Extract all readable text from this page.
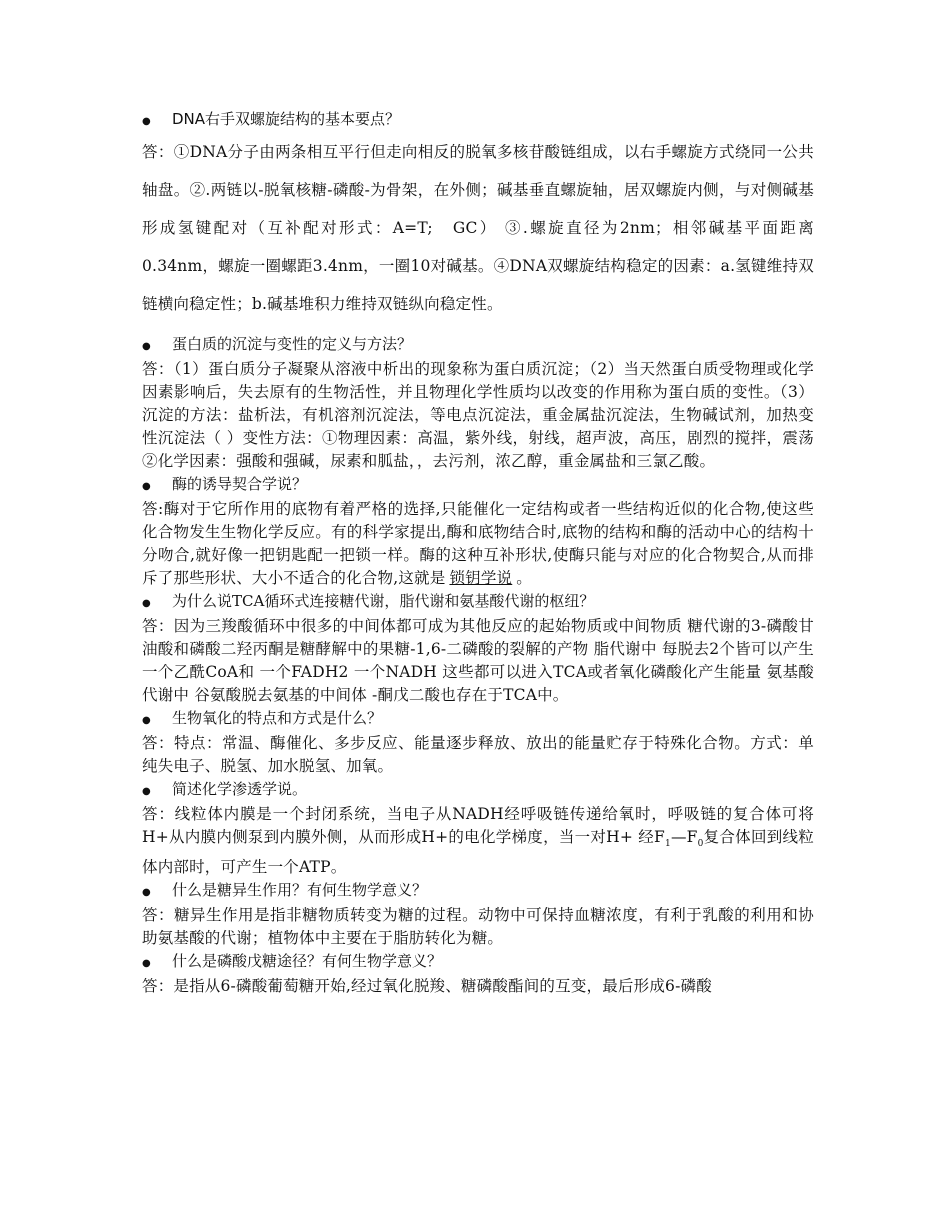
●	DNA右手双螺旋结构的基本要点？

答：①DNA分子由两条相互平行但走向相反的脱氧多核苷酸链组成，以右手螺旋方式绕同一公共轴盘。②.两链以-脱氧核糖-磷酸-为骨架，在外侧；碱基垂直螺旋轴，居双螺旋内侧，与对侧碱基形成氢键配对（互补配对形式：A=T;　GC） ③.螺旋直径为2nm；相邻碱基平面距离0.34nm，螺旋一圈螺距3.4nm，一圈10对碱基。④DNA双螺旋结构稳定的因素：a.氢键维持双链横向稳定性；b.碱基堆积力维持双链纵向稳定性。

●	蛋白质的沉淀与变性的定义与方法？

答：（1）蛋白质分子凝聚从溶液中析出的现象称为蛋白质沉淀；（2）当天然蛋白质受物理或化学因素影响后，失去原有的生物活性，并且物理化学性质均以改变的作用称为蛋白质的变性。（3）沉淀的方法：盐析法，有机溶剂沉淀法，等电点沉淀法，重金属盐沉淀法，生物碱试剂，加热变性沉淀法（ ）变性方法：①物理因素：高温，紫外线，射线，超声波，高压，剧烈的搅拌，震荡②化学因素：强酸和强碱，尿素和胍盐，，去污剂，浓乙醇，重金属盐和三氯乙酸。

●	酶的诱导契合学说？

答:酶对于它所作用的底物有着严格的选择,只能催化一定结构或者一些结构近似的化合物,使这些化合物发生生物化学反应。有的科学家提出,酶和底物结合时,底物的结构和酶的活动中心的结构十分吻合,就好像一把钥匙配一把锁一样。酶的这种互补形状,使酶只能与对应的化合物契合,从而排斥了那些形状、大小不适合的化合物,这就是 锁钥学说 。

●	为什么说TCA循环式连接糖代谢，脂代谢和氨基酸代谢的枢纽？

答：因为三羧酸循环中很多的中间体都可成为其他反应的起始物质或中间物质 糖代谢的3-磷酸甘油酸和磷酸二羟丙酮是糖酵解中的果糖-1,6-二磷酸的裂解的产物 脂代谢中 每脱去2个皆可以产生一个乙酰CoA和 一个FADH2 一个NADH 这些都可以进入TCA或者氧化磷酸化产生能量 氨基酸代谢中 谷氨酸脱去氨基的中间体 -酮戊二酸也存在于TCA中。

●	生物氧化的特点和方式是什么？

答：特点：常温、酶催化、多步反应、能量逐步释放、放出的能量贮存于特殊化合物。方式：单纯失电子、脱氢、加水脱氢、加氧。

●	简述化学渗透学说。

答：线粒体内膜是一个封闭系统，当电子从NADH经呼吸链传递给氧时，呼吸链的复合体可将H+从内膜内侧泵到内膜外侧，从而形成H+的电化学梯度，当一对H+ 经$F_1—F_0$复合体回到线粒体内部时，可产生一个ATP。

●	什么是糖异生作用？有何生物学意义？

答：糖异生作用是指非糖物质转变为糖的过程。动物中可保持血糖浓度，有利于乳酸的利用和协助氨基酸的代谢；植物体中主要在于脂肪转化为糖。

●	什么是磷酸戊糖途径？有何生物学意义？

答：是指从6-磷酸葡萄糖开始,经过氧化脱羧、糖磷酸酯间的互变，最后形成6-磷酸
